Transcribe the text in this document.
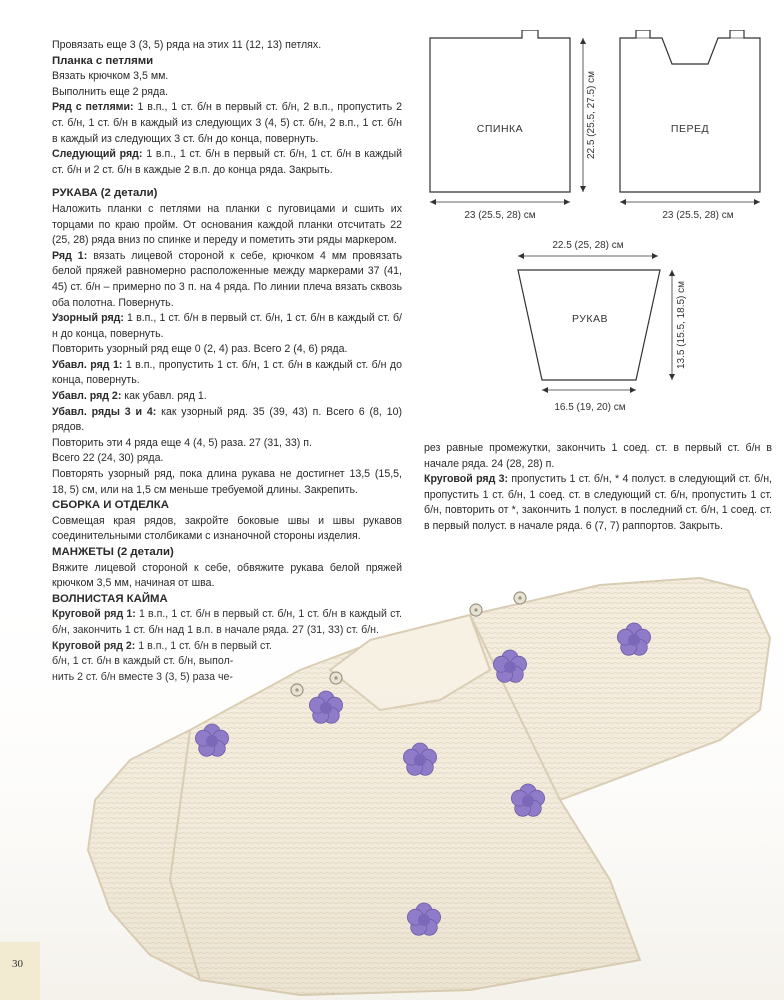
Провязать еще 3 (3, 5) ряда на этих 11 (12, 13) петлях.

Планка с петлями

Вязать крючком 3,5 мм.

Выполнить еще 2 ряда.

Ряд с петлями: 1 в.п., 1 ст. б/н в первый ст. б/н, 2 в.п., пропустить 2 ст. б/н, 1 ст. б/н в каждый из следующих 3 (4, 5) ст. б/н, 2 в.п., 1 ст. б/н в каждый из следующих 3 ст. б/н до конца, повернуть.

Следующий ряд: 1 в.п., 1 ст. б/н в первый ст. б/н, 1 ст. б/н в каждый ст. б/н и 2 ст. б/н в каждые 2 в.п. до конца ряда. Закрыть.

РУКАВА (2 детали)

Наложить планки с петлями на планки с пуговицами и сшить их торцами по краю пройм. От основания каждой планки отсчитать 22 (25, 28) ряда вниз по спинке и переду и пометить эти ряды маркером.

Ряд 1: вязать лицевой стороной к себе, крючком 4 мм провязать белой пряжей равномерно расположенные между маркерами 37 (41, 45) ст. б/н – примерно по 3 п. на 4 ряда. По линии плеча вязать сквозь оба полотна. Повернуть.

Узорный ряд: 1 в.п., 1 ст. б/н в первый ст. б/н, 1 ст. б/н в каждый ст. б/н до конца, повернуть.

Повторить узорный ряд еще 0 (2, 4) раз. Всего 2 (4, 6) ряда.

Убавл. ряд 1: 1 в.п., пропустить 1 ст. б/н, 1 ст. б/н в каждый ст. б/н до конца, повернуть.

Убавл. ряд 2: как убавл. ряд 1.

Убавл. ряды 3 и 4: как узорный ряд. 35 (39, 43) п. Всего 6 (8, 10) рядов.

Повторить эти 4 ряда еще 4 (4, 5) раза. 27 (31, 33) п.

Всего 22 (24, 30) ряда.

Повторять узорный ряд, пока длина рукава не достигнет 13,5 (15,5, 18, 5) см, или на 1,5 см меньше требуемой длины. Закрепить.

СБОРКА И ОТДЕЛКА

Совмещая края рядов, закройте боковые швы и швы рукавов соединительными столбиками с изнаночной стороны изделия.

МАНЖЕТЫ (2 детали)

СПИНКА	22.5 (25.5, 27.5) см
23 (25.5, 28) см
ПЕРЕД
23 (25.5, 28) см
22.5 (25, 28) см
РУКАВ	13.5 (15.5, 18.5) см
16.5 (19, 20) см

рез равные промежутки, закончить 1 соед. ст. в первый ст. б/н в начале ряда. 24 (28, 28) п.

Круговой ряд 3: пропустить 1 ст. б/н, * 4 полуст. в следующий ст. б/н, пропустить 1 ст. б/н, 1 соед. ст. в следующий ст. б/н, пропустить 1 ст. б/н, повторить от *, закончить 1 полуст. в последний ст. б/н, 1 соед. ст. в первый полуст. в начале ряда. 6 (7, 7) раппортов. Закрыть.

30
